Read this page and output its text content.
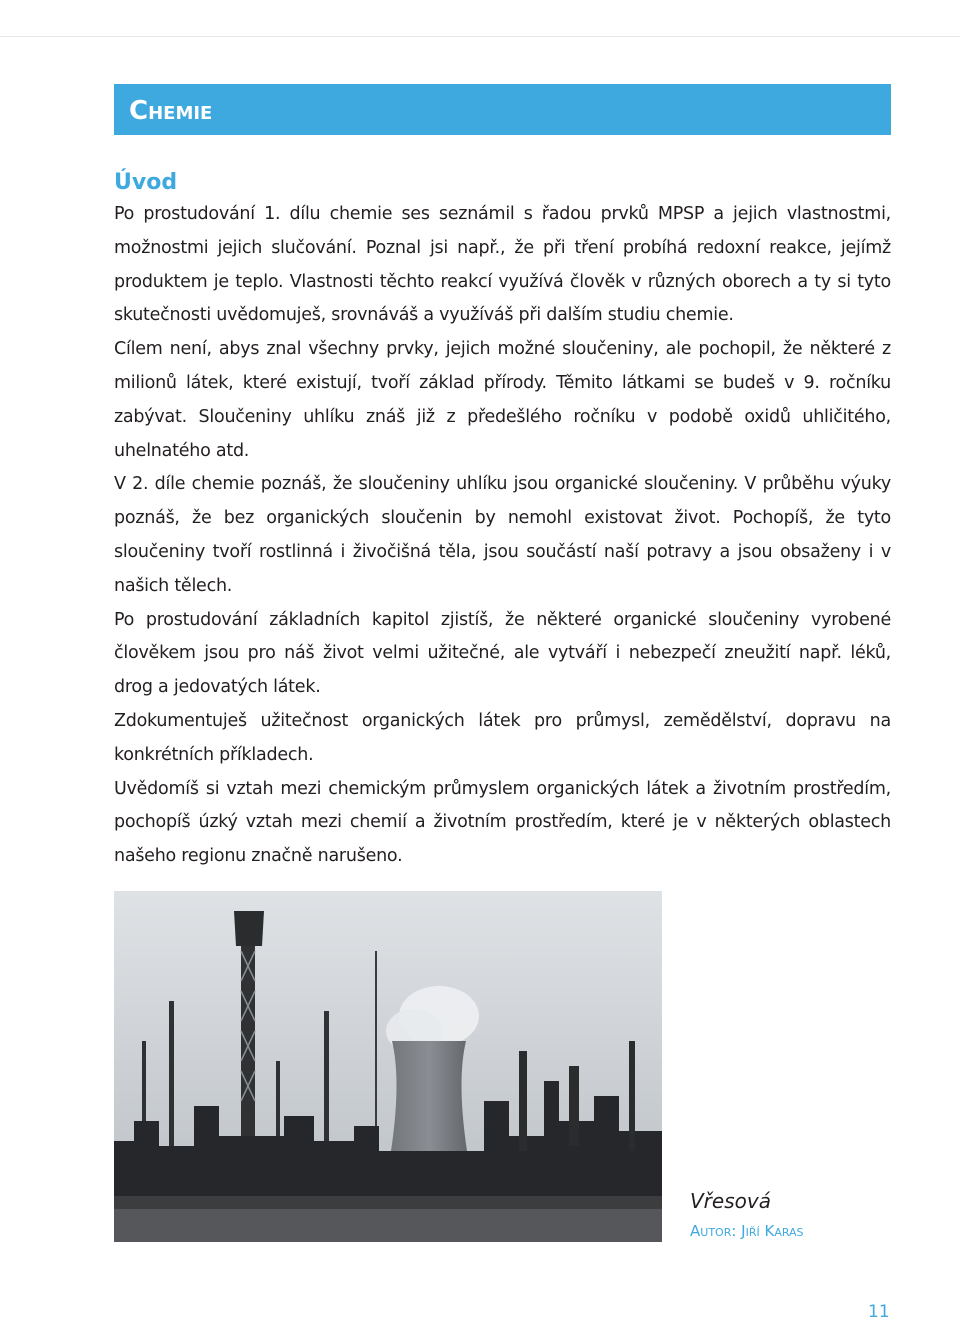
Chemie
Úvod

Po prostudování 1. dílu chemie ses seznámil s řadou prvků MPSP a jejich vlastnostmi, možnostmi jejich slučování. Poznal jsi např., že při tření probíhá redoxní reakce, jejímž produktem je teplo. Vlastnosti těchto reakcí využívá člověk v různých oborech a ty si tyto skutečnosti uvědomuješ, srovnáváš a využíváš při dalším studiu chemie.

Cílem není, abys znal všechny prvky, jejich možné sloučeniny, ale pochopil, že některé z milionů látek, které existují, tvoří základ přírody. Těmito látkami se budeš v 9. ročníku zabývat. Sloučeniny uhlíku znáš již z předešlého ročníku v podobě oxidů uhličitého, uhelnatého atd.

V 2. díle chemie poznáš, že sloučeniny uhlíku jsou organické sloučeniny. V průběhu výuky poznáš, že bez organických sloučenin by nemohl existovat život. Pochopíš, že tyto sloučeniny tvoří rostlinná i živočišná těla, jsou součástí naší potravy a jsou obsaženy i v našich tělech.

Po prostudování základních kapitol zjistíš, že některé organické sloučeniny vyrobené člověkem jsou pro náš život velmi užitečné, ale vytváří i nebezpečí zneužití např. léků, drog a jedovatých látek.

Zdokumentuješ užitečnost organických látek pro průmysl, zemědělství, dopravu na konkrétních příkladech.

Uvědomíš si vztah mezi chemickým průmyslem organických látek a životním prostředím, pochopíš úzký vztah mezi chemií a životním prostředím, které je v některých oblastech našeho regionu značně narušeno.

Vřesová
Autor: Jiří Karas
11
